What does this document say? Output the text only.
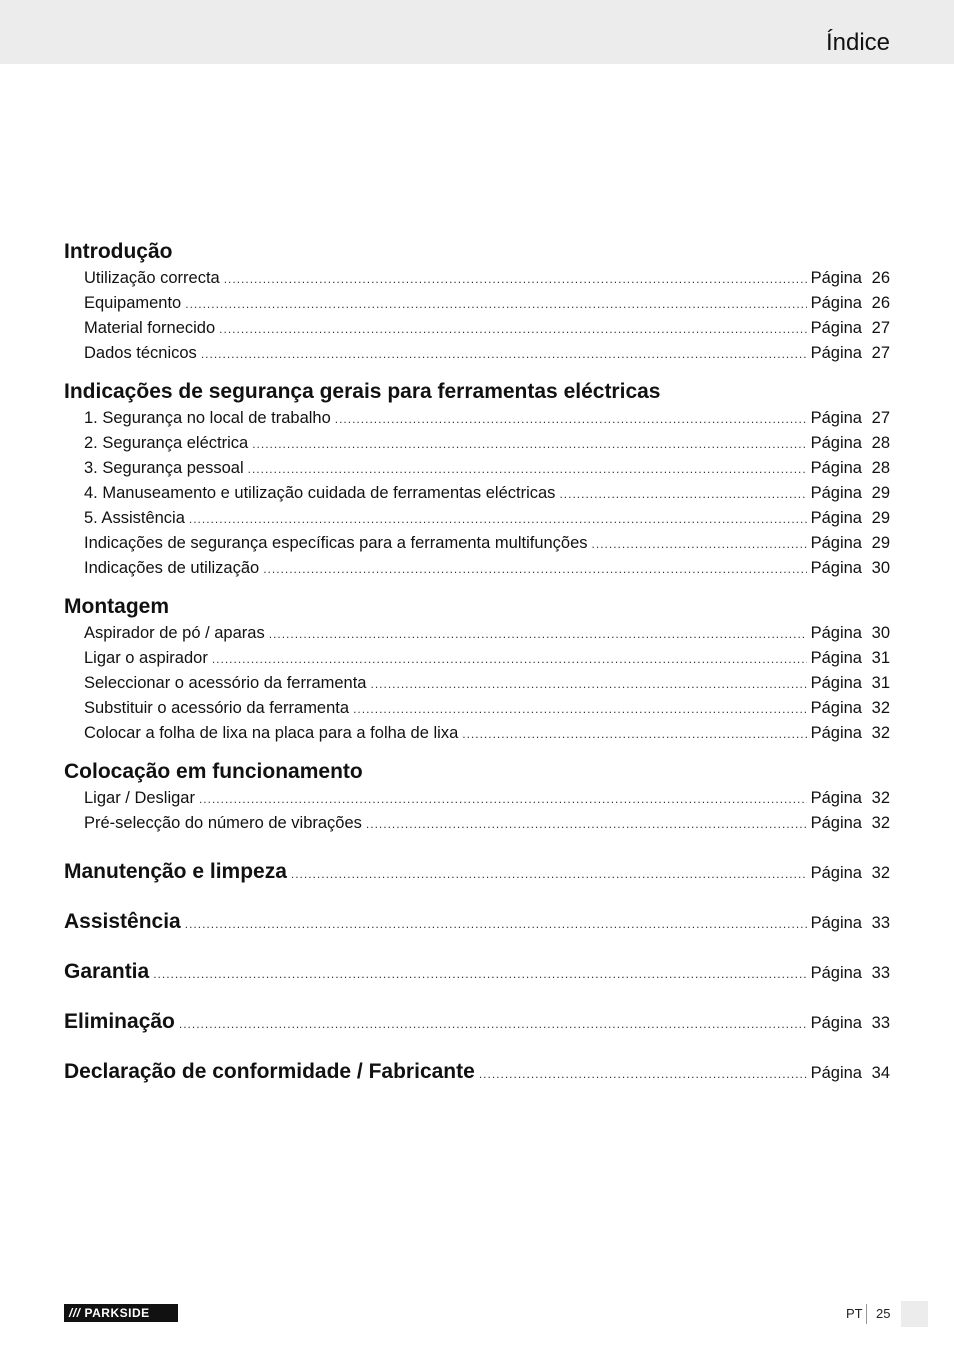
Índice
Introdução
Utilização correcta .....	Página 26
Equipamento .....	Página 26
Material fornecido .....	Página 27
Dados técnicos .....	Página 27
Indicações de segurança gerais para ferramentas eléctricas
1. Segurança no local de trabalho .....	Página 27
2. Segurança eléctrica .....	Página 28
3. Segurança pessoal .....	Página 28
4. Manuseamento e utilização cuidada de ferramentas eléctricas .....	Página 29
5. Assistência .....	Página 29
Indicações de segurança específicas para a ferramenta multifunções .....	Página 29
Indicações de utilização .....	Página 30
Montagem
Aspirador de pó / aparas .....	Página 30
Ligar o aspirador .....	Página 31
Seleccionar o acessório da ferramenta .....	Página 31
Substituir o acessório da ferramenta .....	Página 32
Colocar a folha de lixa na placa para a folha de lixa .....	Página 32
Colocação em funcionamento
Ligar / Desligar .....	Página 32
Pré-selecção do número de vibrações .....	Página 32
Manutenção e limpeza .....	Página 32
Assistência .....	Página 33
Garantia .....	Página 33
Eliminação .....	Página 33
Declaração de conformidade / Fabricante .....	Página 34
/// PARKSIDE	PT 25
